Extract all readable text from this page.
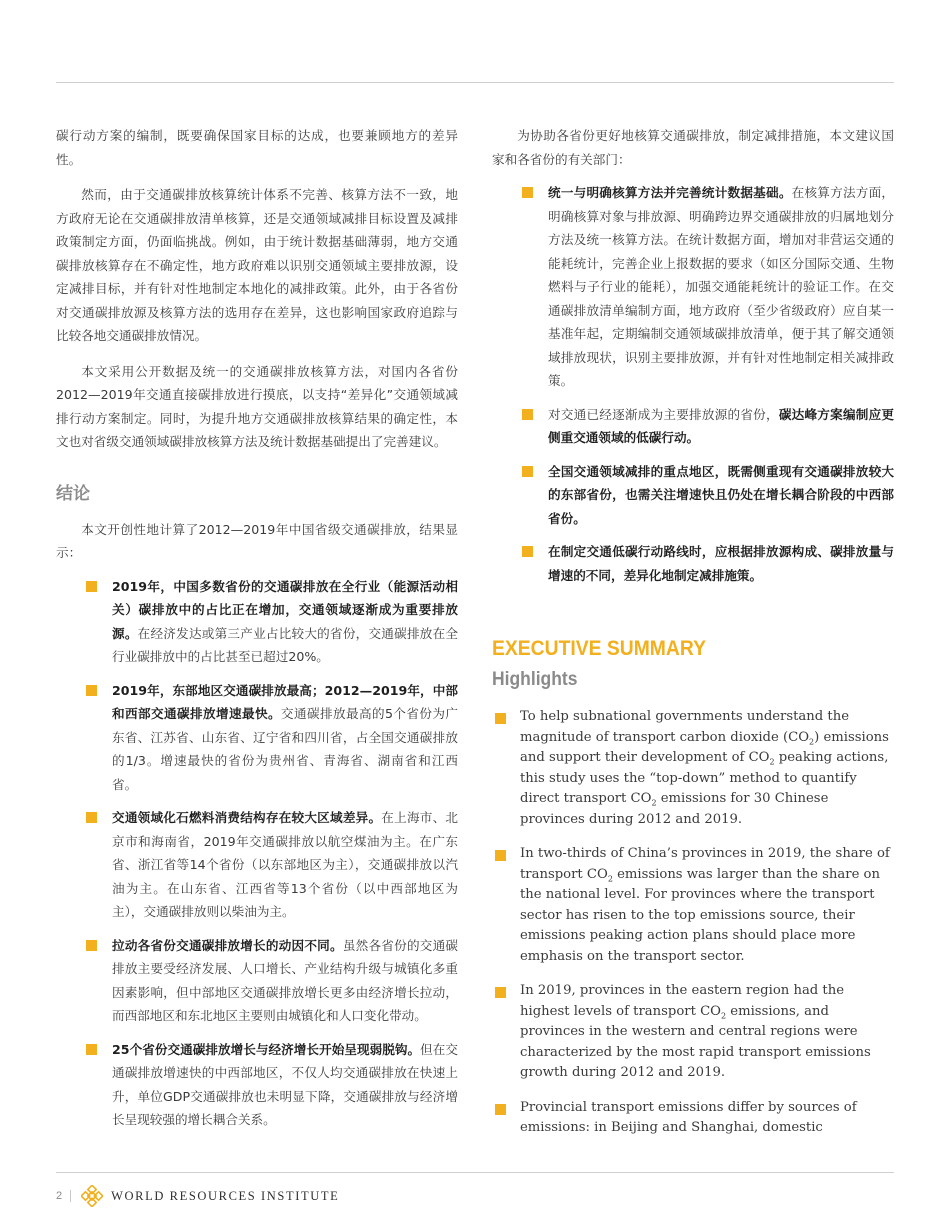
碳行动方案的编制，既要确保国家目标的达成，也要兼顾地方的差异性。

然而，由于交通碳排放核算统计体系不完善、核算方法不一致，地方政府无论在交通碳排放清单核算，还是交通领域减排目标设置及减排政策制定方面，仍面临挑战。例如，由于统计数据基础薄弱，地方交通碳排放核算存在不确定性，地方政府难以识别交通领域主要排放源，设定减排目标，并有针对性地制定本地化的减排政策。此外，由于各省份对交通碳排放源及核算方法的选用存在差异，这也影响国家政府追踪与比较各地交通碳排放情况。

本文采用公开数据及统一的交通碳排放核算方法，对国内各省份2012—2019年交通直接碳排放进行摸底，以支持“差异化”交通领域减排行动方案制定。同时，为提升地方交通碳排放核算结果的确定性，本文也对省级交通领域碳排放核算方法及统计数据基础提出了完善建议。

结论

本文开创性地计算了2012—2019年中国省级交通碳排放，结果显示：

2019年，中国多数省份的交通碳排放在全行业（能源活动相关）碳排放中的占比正在增加，交通领域逐渐成为重要排放源。在经济发达或第三产业占比较大的省份，交通碳排放在全行业碳排放中的占比甚至已超过20%。
2019年，东部地区交通碳排放最高；2012—2019年，中部和西部交通碳排放增速最快。交通碳排放最高的5个省份为广东省、江苏省、山东省、辽宁省和四川省，占全国交通碳排放的1/3。增速最快的省份为贵州省、青海省、湖南省和江西省。
交通领域化石燃料消费结构存在较大区域差异。在上海市、北京市和海南省，2019年交通碳排放以航空煤油为主。在广东省、浙江省等14个省份（以东部地区为主），交通碳排放以汽油为主。在山东省、江西省等13个省份（以中西部地区为主），交通碳排放则以柴油为主。
拉动各省份交通碳排放增长的动因不同。虽然各省份的交通碳排放主要受经济发展、人口增长、产业结构升级与城镇化多重因素影响，但中部地区交通碳排放增长更多由经济增长拉动，而西部地区和东北地区主要则由城镇化和人口变化带动。
25个省份交通碳排放增长与经济增长开始呈现弱脱钩。但在交通碳排放增速快的中西部地区，不仅人均交通碳排放在快速上升，单位GDP交通碳排放也未明显下降，交通碳排放与经济增长呈现较强的增长耦合关系。

为协助各省份更好地核算交通碳排放，制定减排措施，本文建议国家和各省份的有关部门：

统一与明确核算方法并完善统计数据基础。在核算方法方面，明确核算对象与排放源、明确跨边界交通碳排放的归属地划分方法及统一核算方法。在统计数据方面，增加对非营运交通的能耗统计，完善企业上报数据的要求（如区分国际交通、生物燃料与子行业的能耗），加强交通能耗统计的验证工作。在交通碳排放清单编制方面，地方政府（至少省级政府）应自某一基准年起，定期编制交通领域碳排放清单，便于其了解交通领域排放现状，识别主要排放源，并有针对性地制定相关减排政策。
对交通已经逐渐成为主要排放源的省份，碳达峰方案编制应更侧重交通领域的低碳行动。
全国交通领域减排的重点地区，既需侧重现有交通碳排放较大的东部省份，也需关注增速快且仍处在增长耦合阶段的中西部省份。
在制定交通低碳行动路线时，应根据排放源构成、碳排放量与增速的不同，差异化地制定减排施策。
EXECUTIVE SUMMARY
Highlights
To help subnational governments understand the magnitude of transport carbon dioxide $(CO_2)$ emissions and support their development of $CO_2$ peaking actions, this study uses the “top-down” method to quantify direct transport $CO_2$ emissions for 30 Chinese provinces during 2012 and 2019.
In two-thirds of China’s provinces in 2019, the share of transport $CO_2$ emissions was larger than the share on the national level. For provinces where the transport sector has risen to the top emissions source, their emissions peaking action plans should place more emphasis on the transport sector.
In 2019, provinces in the eastern region had the highest levels of transport $CO_2$ emissions, and provinces in the western and central regions were characterized by the most rapid transport emissions growth during 2012 and 2019.
Provincial transport emissions differ by sources of emissions: in Beijing and Shanghai, domestic
2	WORLD RESOURCES INSTITUTE
